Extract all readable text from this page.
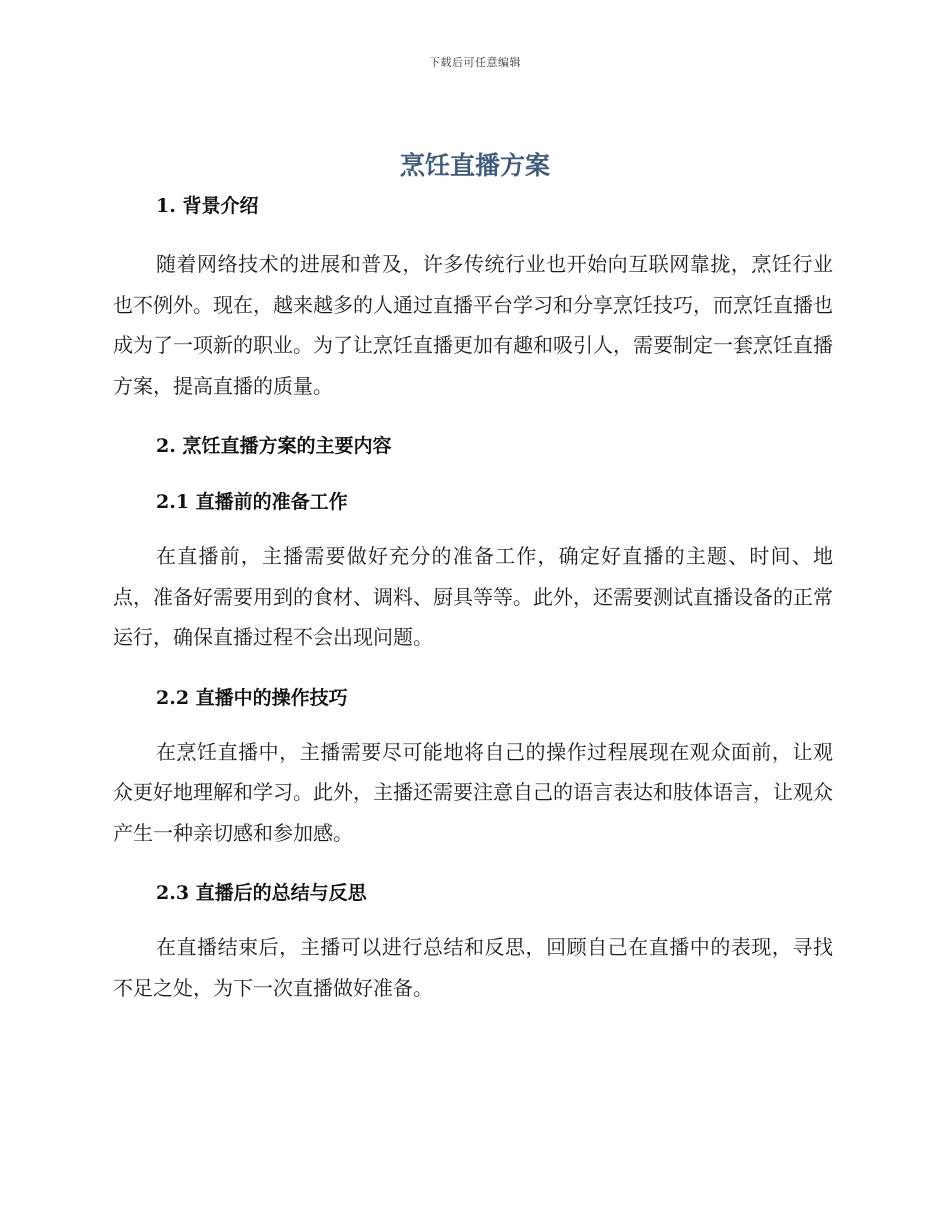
下载后可任意编辑
烹饪直播方案

1. 背景介绍

随着网络技术的进展和普及，许多传统行业也开始向互联网靠拢，烹饪行业也不例外。现在，越来越多的人通过直播平台学习和分享烹饪技巧，而烹饪直播也成为了一项新的职业。为了让烹饪直播更加有趣和吸引人，需要制定一套烹饪直播方案，提高直播的质量。

2. 烹饪直播方案的主要内容

2.1 直播前的准备工作

在直播前，主播需要做好充分的准备工作，确定好直播的主题、时间、地点，准备好需要用到的食材、调料、厨具等等。此外，还需要测试直播设备的正常运行，确保直播过程不会出现问题。

2.2 直播中的操作技巧

在烹饪直播中，主播需要尽可能地将自己的操作过程展现在观众面前，让观众更好地理解和学习。此外，主播还需要注意自己的语言表达和肢体语言，让观众产生一种亲切感和参加感。

2.3 直播后的总结与反思

在直播结束后，主播可以进行总结和反思，回顾自己在直播中的表现，寻找不足之处，为下一次直播做好准备。
